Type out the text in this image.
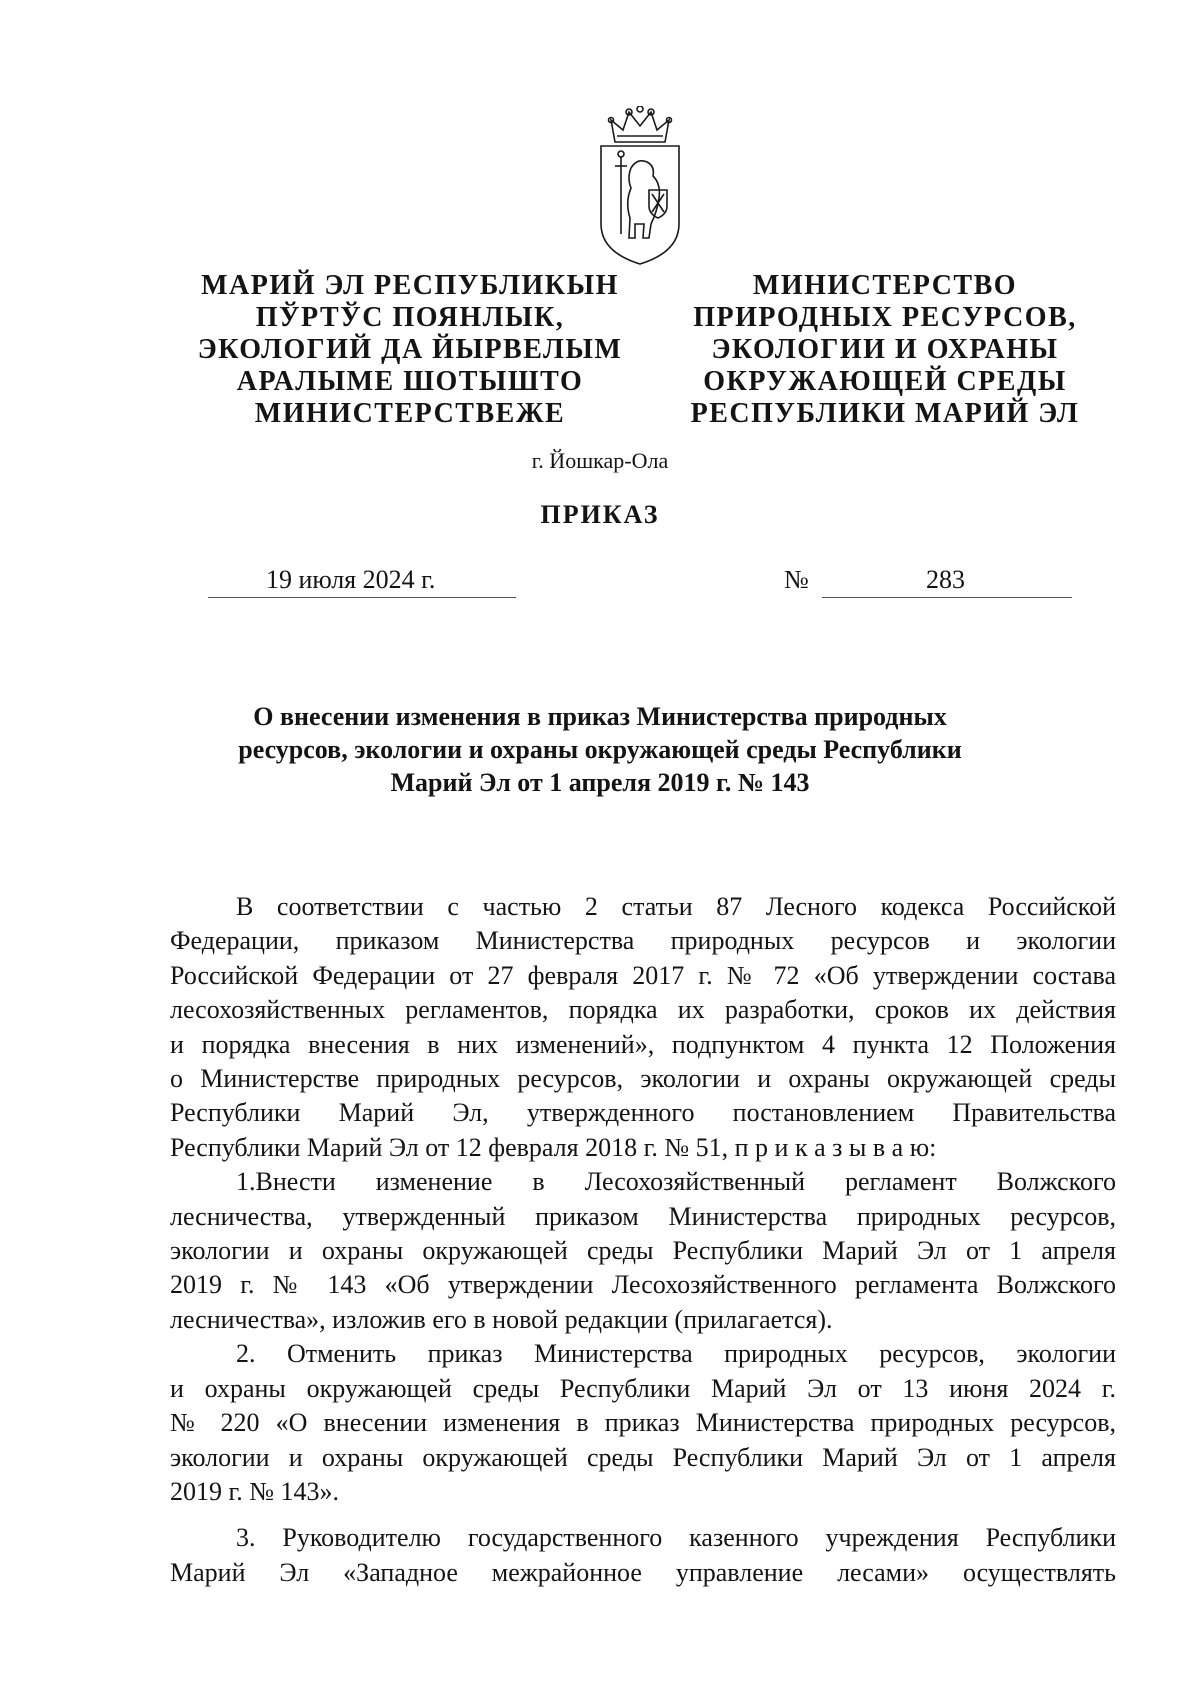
МАРИЙ ЭЛ РЕСПУБЛИКЫН
ПЎРТЎС ПОЯНЛЫК,
ЭКОЛОГИЙ ДА ЙЫРВЕЛЫМ
АРАЛЫМЕ ШОТЫШТО
МИНИСТЕРСТВЕЖЕ
МИНИСТЕРСТВО
ПРИРОДНЫХ РЕСУРСОВ,
ЭКОЛОГИИ И ОХРАНЫ
ОКРУЖАЮЩЕЙ СРЕДЫ
РЕСПУБЛИКИ МАРИЙ ЭЛ
г. Йошкар-Ола
ПРИКАЗ
19 июля 2024 г.	№	283
О внесении изменения в приказ Министерства природных
ресурсов, экологии и охраны окружающей среды Республики
Марий Эл от 1 апреля 2019 г. № 143
В соответствии с частью 2 статьи 87 Лесного кодекса Российской
Федерации, приказом Министерства природных ресурсов и экологии
Российской Федерации от 27 февраля 2017 г. № 72 «Об утверждении состава
лесохозяйственных регламентов, порядка их разработки, сроков их действия
и порядка внесения в них изменений», подпунктом 4 пункта 12 Положения
о Министерстве природных ресурсов, экологии и охраны окружающей среды
Республики Марий Эл, утвержденного постановлением Правительства
Республики Марий Эл от 12 февраля 2018 г. № 51, п р и к а з ы в а ю:
1.Внести изменение в Лесохозяйственный регламент Волжского
лесничества, утвержденный приказом Министерства природных ресурсов,
экологии и охраны окружающей среды Республики Марий Эл от 1 апреля
2019 г. № 143 «Об утверждении Лесохозяйственного регламента Волжского
лесничества», изложив его в новой редакции (прилагается).
2. Отменить приказ Министерства природных ресурсов, экологии
и охраны окружающей среды Республики Марий Эл от 13 июня 2024 г.
№ 220 «О внесении изменения в приказ Министерства природных ресурсов,
экологии и охраны окружающей среды Республики Марий Эл от 1 апреля
2019 г. № 143».
3. Руководителю государственного казенного учреждения Республики
Марий Эл «Западное межрайонное управление лесами» осуществлять
